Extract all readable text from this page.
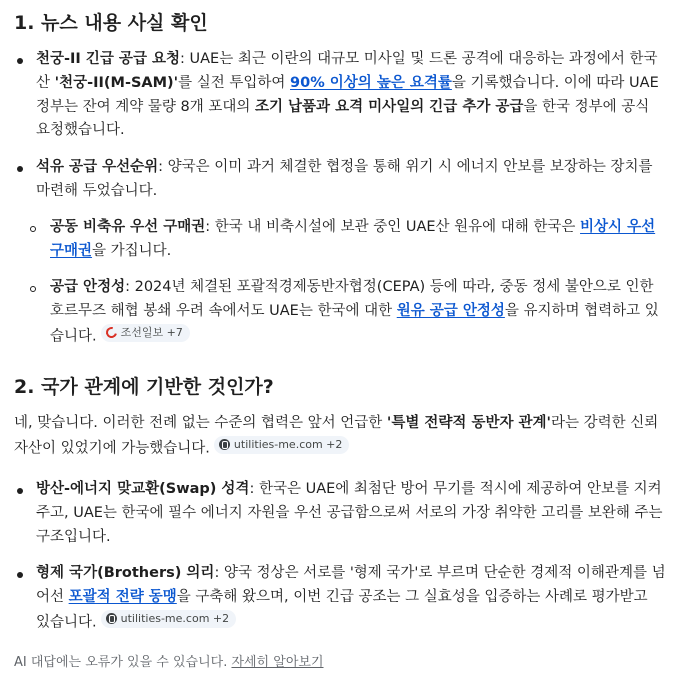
1. 뉴스 내용 사실 확인
천궁-II 긴급 공급 요청: UAE는 최근 이란의 대규모 미사일 및 드론 공격에 대응하는 과정에서 한국산 '천궁-II(M-SAM)'를 실전 투입하여 90% 이상의 높은 요격률을 기록했습니다. 이에 따라 UAE 정부는 잔여 계약 물량 8개 포대의 조기 납품과 요격 미사일의 긴급 추가 공급을 한국 정부에 공식 요청했습니다.
석유 공급 우선순위: 양국은 이미 과거 체결한 협정을 통해 위기 시 에너지 안보를 보장하는 장치를 마련해 두었습니다.
공동 비축유 우선 구매권: 한국 내 비축시설에 보관 중인 UAE산 원유에 대해 한국은 비상시 우선 구매권을 가집니다.
공급 안정성: 2024년 체결된 포괄적경제동반자협정(CEPA) 등에 따라, 중동 정세 불안으로 인한 호르무즈 해협 봉쇄 우려 속에서도 UAE는 한국에 대한 원유 공급 안정성을 유지하며 협력하고 있습니다. 조선일보 +7
2. 국가 관계에 기반한 것인가?

네, 맞습니다. 이러한 전례 없는 수준의 협력은 앞서 언급한 '특별 전략적 동반자 관계'라는 강력한 신뢰 자산이 있었기에 가능했습니다. utilities-me.com +2

방산-에너지 맞교환(Swap) 성격: 한국은 UAE에 최첨단 방어 무기를 적시에 제공하여 안보를 지켜주고, UAE는 한국에 필수 에너지 자원을 우선 공급함으로써 서로의 가장 취약한 고리를 보완해 주는 구조입니다.
형제 국가(Brothers) 의리: 양국 정상은 서로를 '형제 국가'로 부르며 단순한 경제적 이해관계를 넘어선 포괄적 전략 동맹을 구축해 왔으며, 이번 긴급 공조는 그 실효성을 입증하는 사례로 평가받고 있습니다. utilities-me.com +2
AI 대답에는 오류가 있을 수 있습니다. 자세히 알아보기
